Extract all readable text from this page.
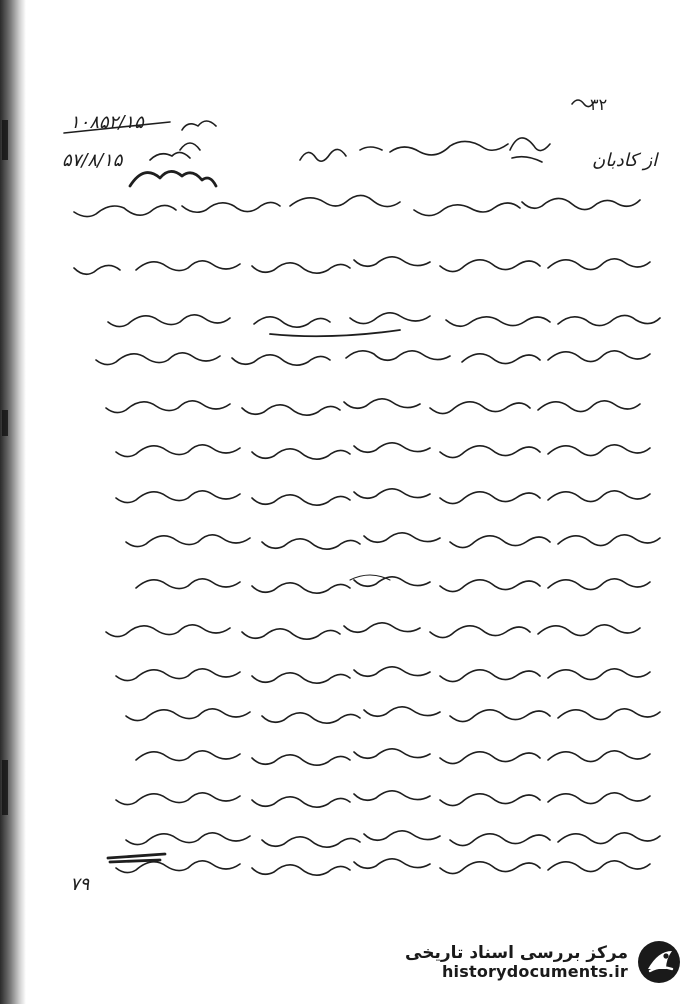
۳۲
۱۰۸۵۲/۱۵
۵۷/۸/۱۵	از کادبان
۷۹
مرکز بررسی اسناد تاریخی
historydocuments.ir
